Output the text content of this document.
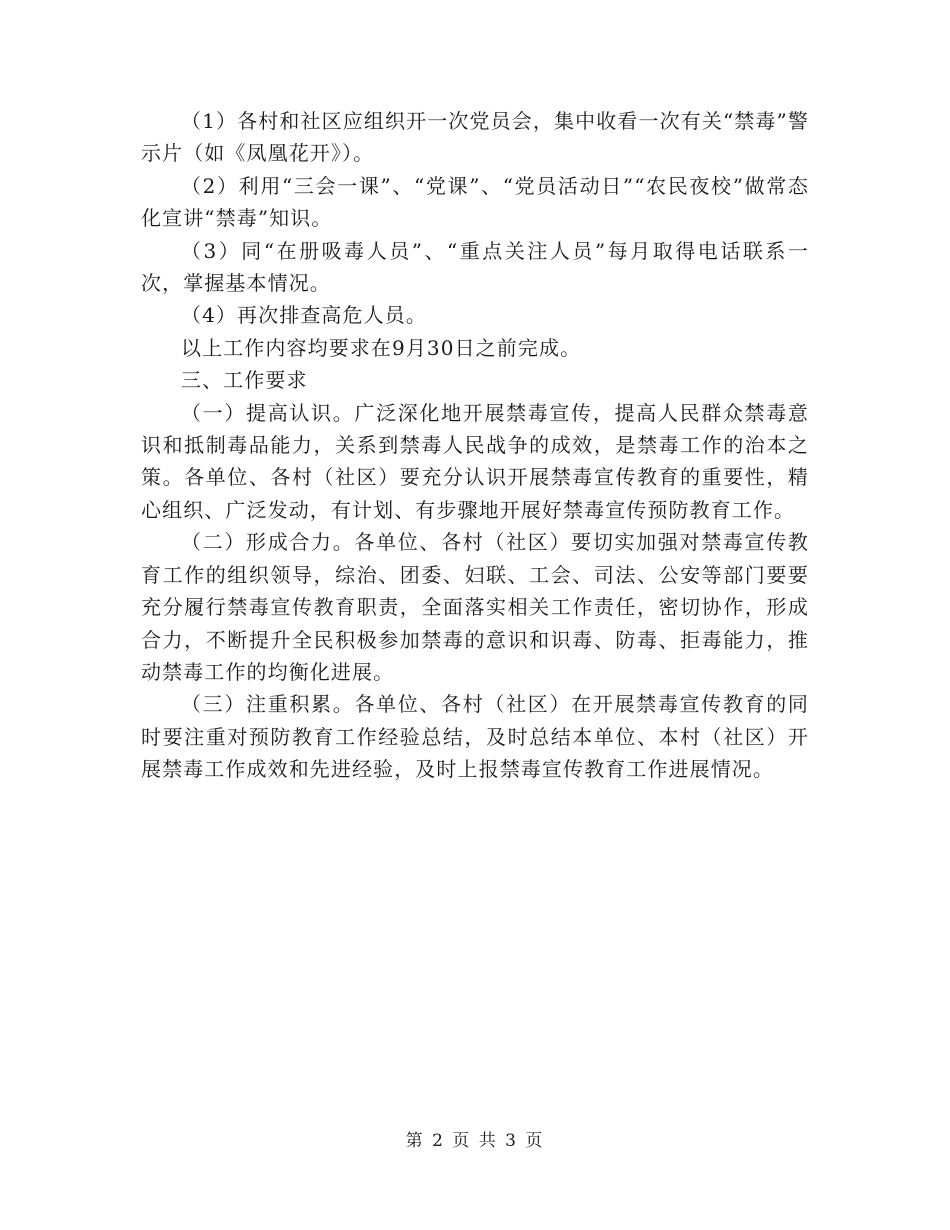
（1）各村和社区应组织开一次党员会，集中收看一次有关“禁毒”警示片（如《凤凰花开》）。

（2）利用“三会一课”、“党课”、“党员活动日”“农民夜校”做常态化宣讲“禁毒”知识。

（3）同“在册吸毒人员”、“重点关注人员”每月取得电话联系一次，掌握基本情况。

（4）再次排查高危人员。

以上工作内容均要求在9月30日之前完成。

三、工作要求

（一）提高认识。广泛深化地开展禁毒宣传，提高人民群众禁毒意识和抵制毒品能力，关系到禁毒人民战争的成效，是禁毒工作的治本之策。各单位、各村（社区）要充分认识开展禁毒宣传教育的重要性，精心组织、广泛发动，有计划、有步骤地开展好禁毒宣传预防教育工作。

（二）形成合力。各单位、各村（社区）要切实加强对禁毒宣传教育工作的组织领导，综治、团委、妇联、工会、司法、公安等部门要要充分履行禁毒宣传教育职责，全面落实相关工作责任，密切协作，形成合力，不断提升全民积极参加禁毒的意识和识毒、防毒、拒毒能力，推动禁毒工作的均衡化进展。

（三）注重积累。各单位、各村（社区）在开展禁毒宣传教育的同时要注重对预防教育工作经验总结，及时总结本单位、本村（社区）开展禁毒工作成效和先进经验，及时上报禁毒宣传教育工作进展情况。

第 2 页 共 3 页
